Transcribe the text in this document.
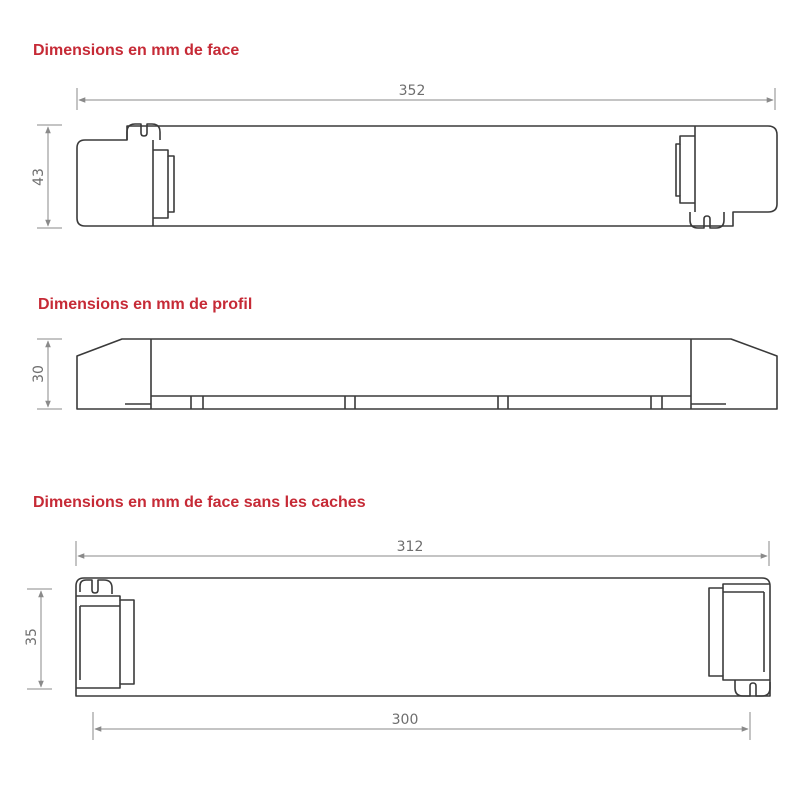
Dimensions en mm de face
Dimensions en mm de profil
Dimensions en mm de face sans les caches
352
43
30
312
35
300
